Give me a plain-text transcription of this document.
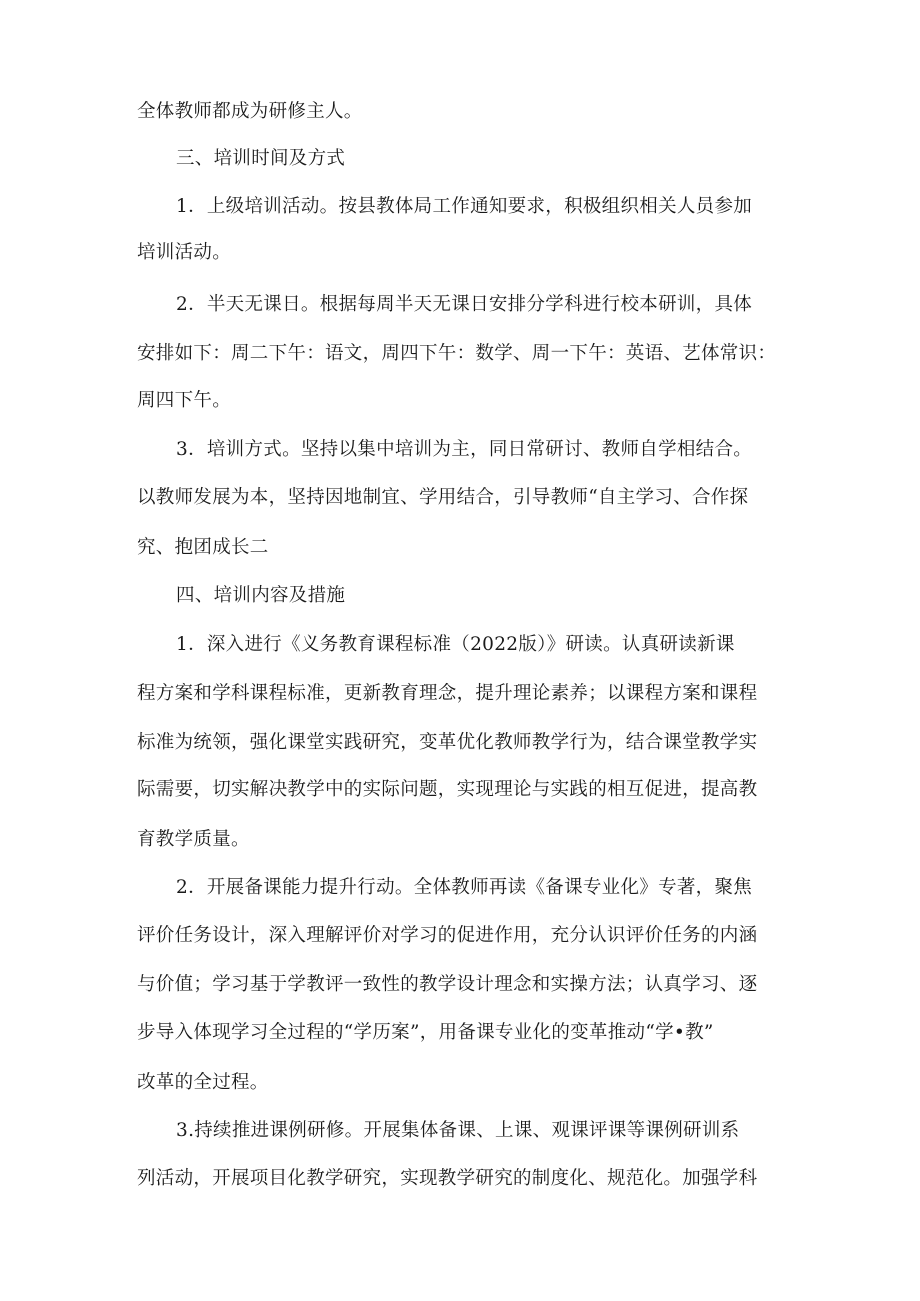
全体教师都成为研修主人。
三、培训时间及方式
1．上级培训活动。按县教体局工作通知要求，积极组织相关人员参加
培训活动。
2．半天无课日。根据每周半天无课日安排分学科进行校本研训，具体
安排如下：周二下午：语文，周四下午：数学、周一下午：英语、艺体常识：
周四下午。
3．培训方式。坚持以集中培训为主，同日常研讨、教师自学相结合。
以教师发展为本，坚持因地制宜、学用结合，引导教师“自主学习、合作探
究、抱团成长二
四、培训内容及措施
1．深入进行《义务教育课程标准（2022版）》研读。认真研读新课
程方案和学科课程标准，更新教育理念，提升理论素养；以课程方案和课程
标准为统领，强化课堂实践研究，变革优化教师教学行为，结合课堂教学实
际需要，切实解决教学中的实际问题，实现理论与实践的相互促进，提高教
育教学质量。
2．开展备课能力提升行动。全体教师再读《备课专业化》专著，聚焦
评价任务设计，深入理解评价对学习的促进作用，充分认识评价任务的内涵
与价值；学习基于学教评一致性的教学设计理念和实操方法；认真学习、逐
步导入体现学习全过程的“学历案”，用备课专业化的变革推动“学•教”
改革的全过程。
3.持续推进课例研修。开展集体备课、上课、观课评课等课例研训系
列活动，开展项目化教学研究，实现教学研究的制度化、规范化。加强学科
